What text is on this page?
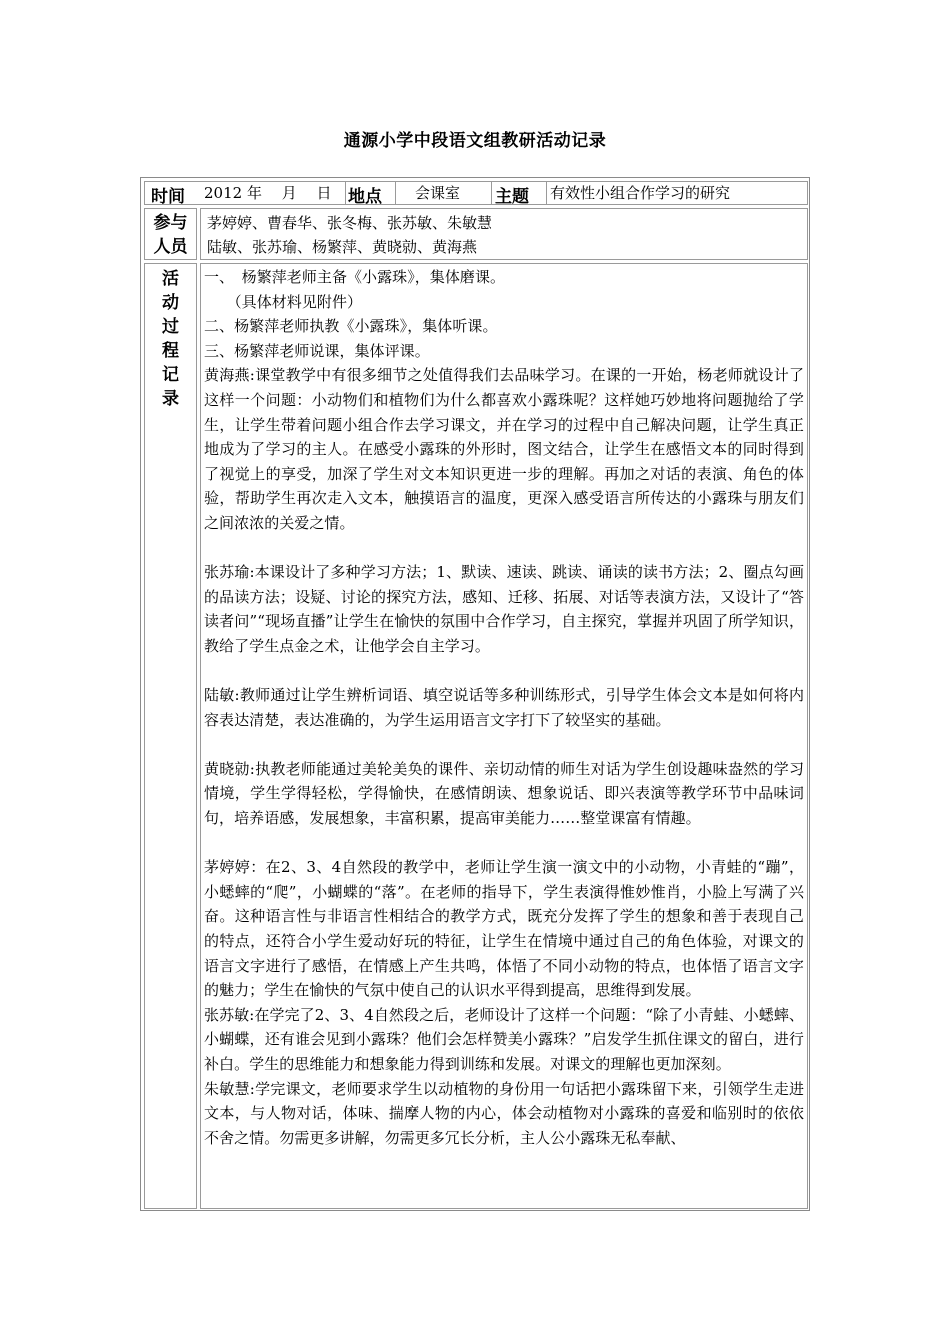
通源小学中段语文组教研活动记录
时间 2012 年　 月　 日 地点 会课室 主题 有效性小组合作学习的研究
参与
人员
茅婷婷、曹春华、张冬梅、张苏敏、朱敏慧
陆敏、张苏瑜、杨繁萍、黄晓勍、黄海燕
活
动
过
程
记
录

一、　杨繁萍老师主备《小露珠》，集体磨课。

　　（具体材料见附件）

二、杨繁萍老师执教《小露珠》，集体听课。

三、杨繁萍老师说课，集体评课。

黄海燕:课堂教学中有很多细节之处值得我们去品味学习。在课的一开始，杨老师就设计了这样一个问题：小动物们和植物们为什么都喜欢小露珠呢？这样她巧妙地将问题抛给了学生，让学生带着问题小组合作去学习课文，并在学习的过程中自己解决问题，让学生真正地成为了学习的主人。在感受小露珠的外形时，图文结合，让学生在感悟文本的同时得到了视觉上的享受，加深了学生对文本知识更进一步的理解。再加之对话的表演、角色的体验，帮助学生再次走入文本，触摸语言的温度，更深入感受语言所传达的小露珠与朋友们之间浓浓的关爱之情。

张苏瑜:本课设计了多种学习方法；1、默读、速读、跳读、诵读的读书方法；2、圈点勾画的品读方法；设疑、讨论的探究方法，感知、迁移、拓展、对话等表演方法，又设计了“答读者问”“现场直播”让学生在愉快的氛围中合作学习，自主探究，掌握并巩固了所学知识，教给了学生点金之术，让他学会自主学习。

陆敏:教师通过让学生辨析词语、填空说话等多种训练形式，引导学生体会文本是如何将内容表达清楚，表达准确的，为学生运用语言文字打下了较坚实的基础。

黄晓勍:执教老师能通过美轮美奂的课件、亲切动情的师生对话为学生创设趣味盎然的学习情境，学生学得轻松，学得愉快，在感情朗读、想象说话、即兴表演等教学环节中品味词句，培养语感，发展想象，丰富积累，提高审美能力……整堂课富有情趣。

茅婷婷：在2、3、4自然段的教学中，老师让学生演一演文中的小动物，小青蛙的“蹦”，小蟋蟀的“爬”，小蝴蝶的“落”。在老师的指导下，学生表演得惟妙惟肖，小脸上写满了兴奋。这种语言性与非语言性相结合的教学方式，既充分发挥了学生的想象和善于表现自己的特点，还符合小学生爱动好玩的特征，让学生在情境中通过自己的角色体验，对课文的语言文字进行了感悟，在情感上产生共鸣，体悟了不同小动物的特点，也体悟了语言文字的魅力；学生在愉快的气氛中使自己的认识水平得到提高，思维得到发展。

张苏敏:在学完了2、3、4自然段之后，老师设计了这样一个问题：“除了小青蛙、小蟋蟀、小蝴蝶，还有谁会见到小露珠？他们会怎样赞美小露珠？”启发学生抓住课文的留白，进行补白。学生的思维能力和想象能力得到训练和发展。对课文的理解也更加深刻。

朱敏慧:学完课文，老师要求学生以动植物的身份用一句话把小露珠留下来，引领学生走进文本，与人物对话，体味、揣摩人物的内心，体会动植物对小露珠的喜爱和临别时的依依不舍之情。勿需更多讲解，勿需更多冗长分析，主人公小露珠无私奉献、
